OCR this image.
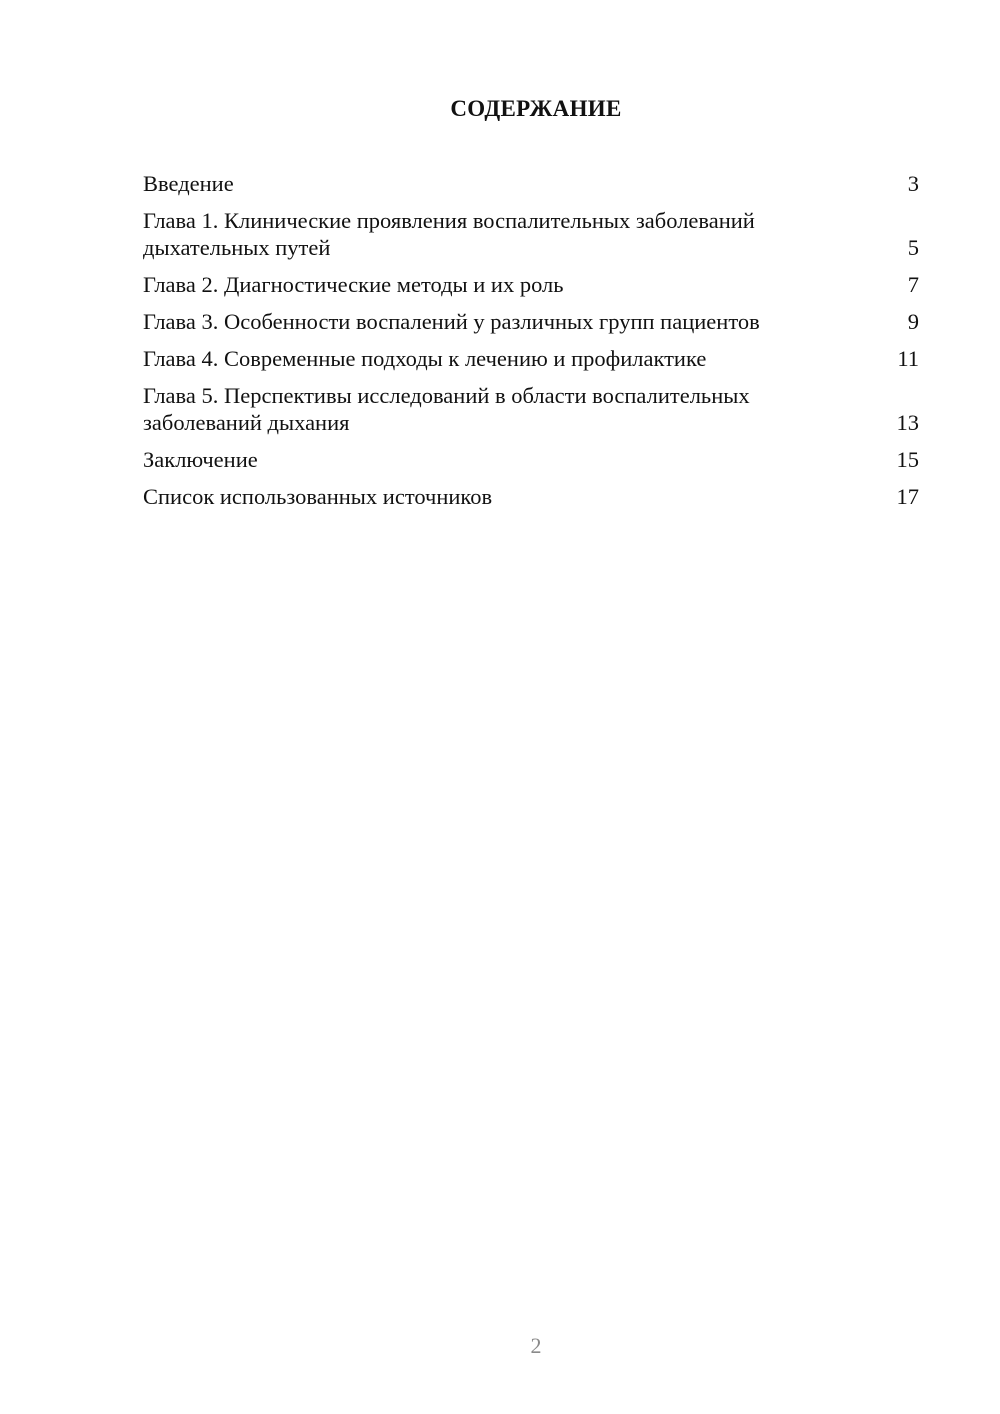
СОДЕРЖАНИЕ
Введение	3
Глава 1. Клинические проявления воспалительных заболеваний дыхательных путей	5
Глава 2. Диагностические методы и их роль	7
Глава 3. Особенности воспалений у различных групп пациентов	9
Глава 4. Современные подходы к лечению и профилактике	11
Глава 5. Перспективы исследований в области воспалительных заболеваний дыхания	13
Заключение	15
Список использованных источников	17
2
